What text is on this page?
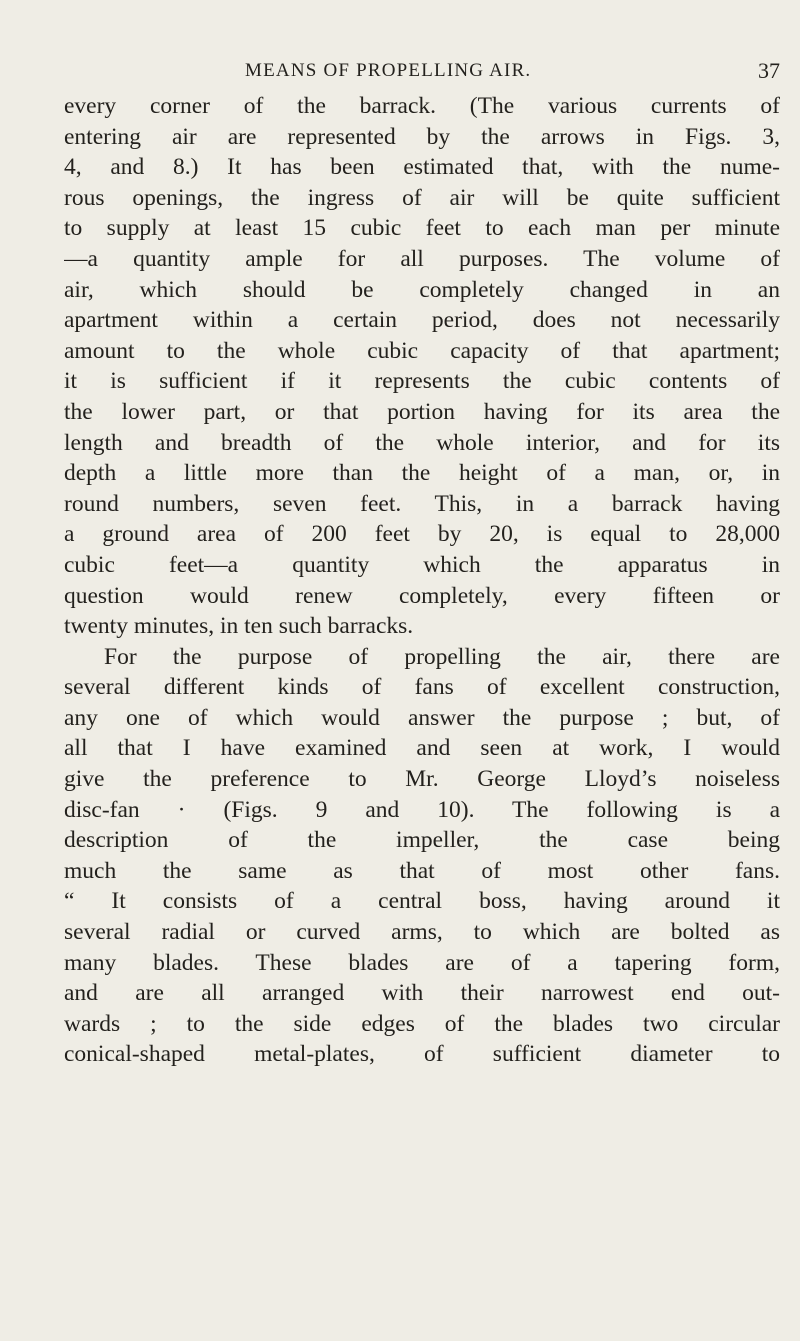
MEANS OF PROPELLING AIR.	37
every corner of the barrack. (The various currents of
entering air are represented by the arrows in Figs. 3,
4, and 8.) It has been estimated that, with the nume-
rous openings, the ingress of air will be quite sufficient
to supply at least 15 cubic feet to each man per minute
—a quantity ample for all purposes. The volume of
air, which should be completely changed in an
apartment within a certain period, does not necessarily
amount to the whole cubic capacity of that apartment;
it is sufficient if it represents the cubic contents of
the lower part, or that portion having for its area the
length and breadth of the whole interior, and for its
depth a little more than the height of a man, or, in
round numbers, seven feet. This, in a barrack having
a ground area of 200 feet by 20, is equal to 28,000
cubic feet—a quantity which the apparatus in
question would renew completely, every fifteen or
twenty minutes, in ten such barracks.
For the purpose of propelling the air, there are
several different kinds of fans of excellent construction,
any one of which would answer the purpose ; but, of
all that I have examined and seen at work, I would
give the preference to Mr. George Lloyd’s noiseless
disc-fan · (Figs. 9 and 10). The following is a
description of the impeller, the case being
much the same as that of most other fans.
“ It consists of a central boss, having around it
several radial or curved arms, to which are bolted as
many blades. These blades are of a tapering form,
and are all arranged with their narrowest end out-
wards ; to the side edges of the blades two circular
conical-shaped metal-plates, of sufficient diameter to
